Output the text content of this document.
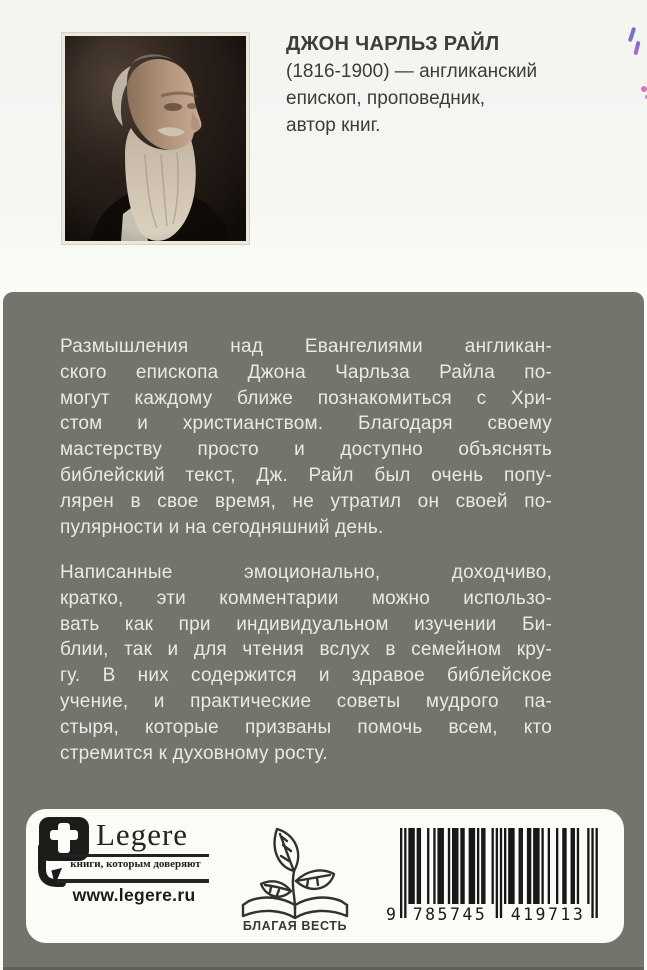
ДЖОН ЧАРЛЬЗ РАЙЛ
(1816-1900) — англиканский
епископ, проповедник,
автор книг.
Размышления над Евангелиями англикан-
ского епископа Джона Чарльза Райла по-
могут каждому ближе познакомиться с Хри-
стом и христианством. Благодаря своему
мастерству просто и доступно объяснять
библейский текст, Дж. Райл был очень попу-
лярен в свое время, не утратил он своей по-
пулярности и на сегодняшний день.
Написанные эмоционально, доходчиво,
кратко, эти комментарии можно использо-
вать как при индивидуальном изучении Би-
блии, так и для чтения вслух в семейном кру-
гу. В них содержится и здравое библейское
учение, и практические советы мудрого па-
стыря, которые призваны помочь всем, кто
стремится к духовному росту.
Legere
книги, которым доверяют
www.legere.ru
БЛАГАЯ ВЕСТЬ
9	785745	419713
